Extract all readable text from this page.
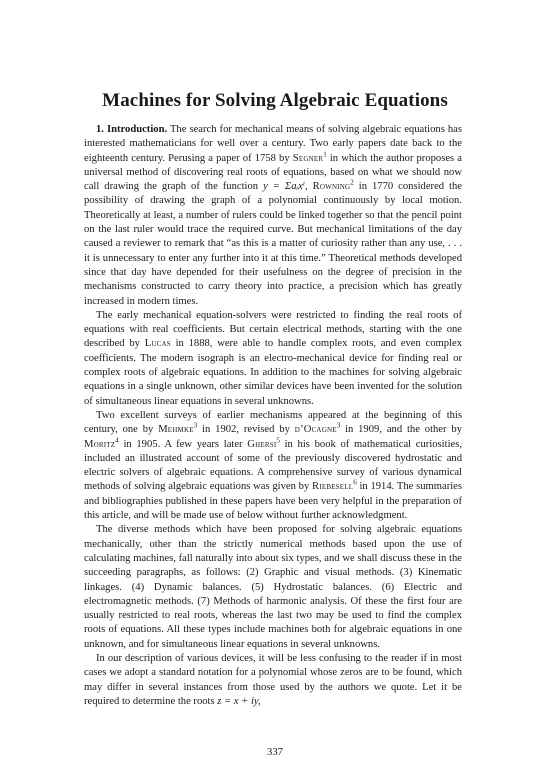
Machines for Solving Algebraic Equations

1. Introduction. The search for mechanical means of solving algebraic equations has interested mathematicians for well over a century. Two early papers date back to the eighteenth century. Perusing a paper of 1758 by Segner$^1$ in which the author proposes a universal method of discovering real roots of equations, based on what we should now call drawing the graph of the function y = Σaᵢxⁱ, Rowning$^2$ in 1770 considered the possibility of drawing the graph of a polynomial continuously by local motion. Theoretically at least, a number of rulers could be linked together so that the pencil point on the last ruler would trace the required curve. But mechanical limitations of the day caused a reviewer to remark that “as this is a matter of curiosity rather than any use, . . . it is unnecessary to enter any further into it at this time.” Theoretical methods developed since that day have depended for their usefulness on the degree of precision in the mechanisms constructed to carry theory into practice, a precision which has greatly increased in modern times.

The early mechanical equation-solvers were restricted to finding the real roots of equations with real coefficients. But certain electrical methods, starting with the one described by Lucas in 1888, were able to handle complex roots, and even complex coefficients. The modern isograph is an electro-mechanical device for finding real or complex roots of algebraic equations. In addition to the machines for solving algebraic equations in a single unknown, other similar devices have been invented for the solution of simultaneous linear equations in several unknowns.

Two excellent surveys of earlier mechanisms appeared at the beginning of this century, one by Mehmke$^3$ in 1902, revised by d’Ocagne$^3$ in 1909, and the other by Moritz$^4$ in 1905. A few years later Ghersi$^5$ in his book of mathematical curiosities, included an illustrated account of some of the previously discovered hydrostatic and electric solvers of algebraic equations. A comprehensive survey of various dynamical methods of solving algebraic equations was given by Riebesell$^6$ in 1914. The summaries and bibliographies published in these papers have been very helpful in the preparation of this article, and will be made use of below without further acknowledgment.

The diverse methods which have been proposed for solving algebraic equations mechanically, other than the strictly numerical methods based upon the use of calculating machines, fall naturally into about six types, and we shall discuss these in the succeeding paragraphs, as follows: (2) Graphic and visual methods. (3) Kinematic linkages. (4) Dynamic balances. (5) Hydrostatic balances. (6) Electric and electromagnetic methods. (7) Methods of harmonic analysis. Of these the first four are usually restricted to real roots, whereas the last two may be used to find the complex roots of equations. All these types include machines both for algebraic equations in one unknown, and for simultaneous linear equations in several unknowns.

In our description of various devices, it will be less confusing to the reader if in most cases we adopt a standard notation for a polynomial whose zeros are to be found, which may differ in several instances from those used by the authors we quote. Let it be required to determine the roots z = x + iy,

337
